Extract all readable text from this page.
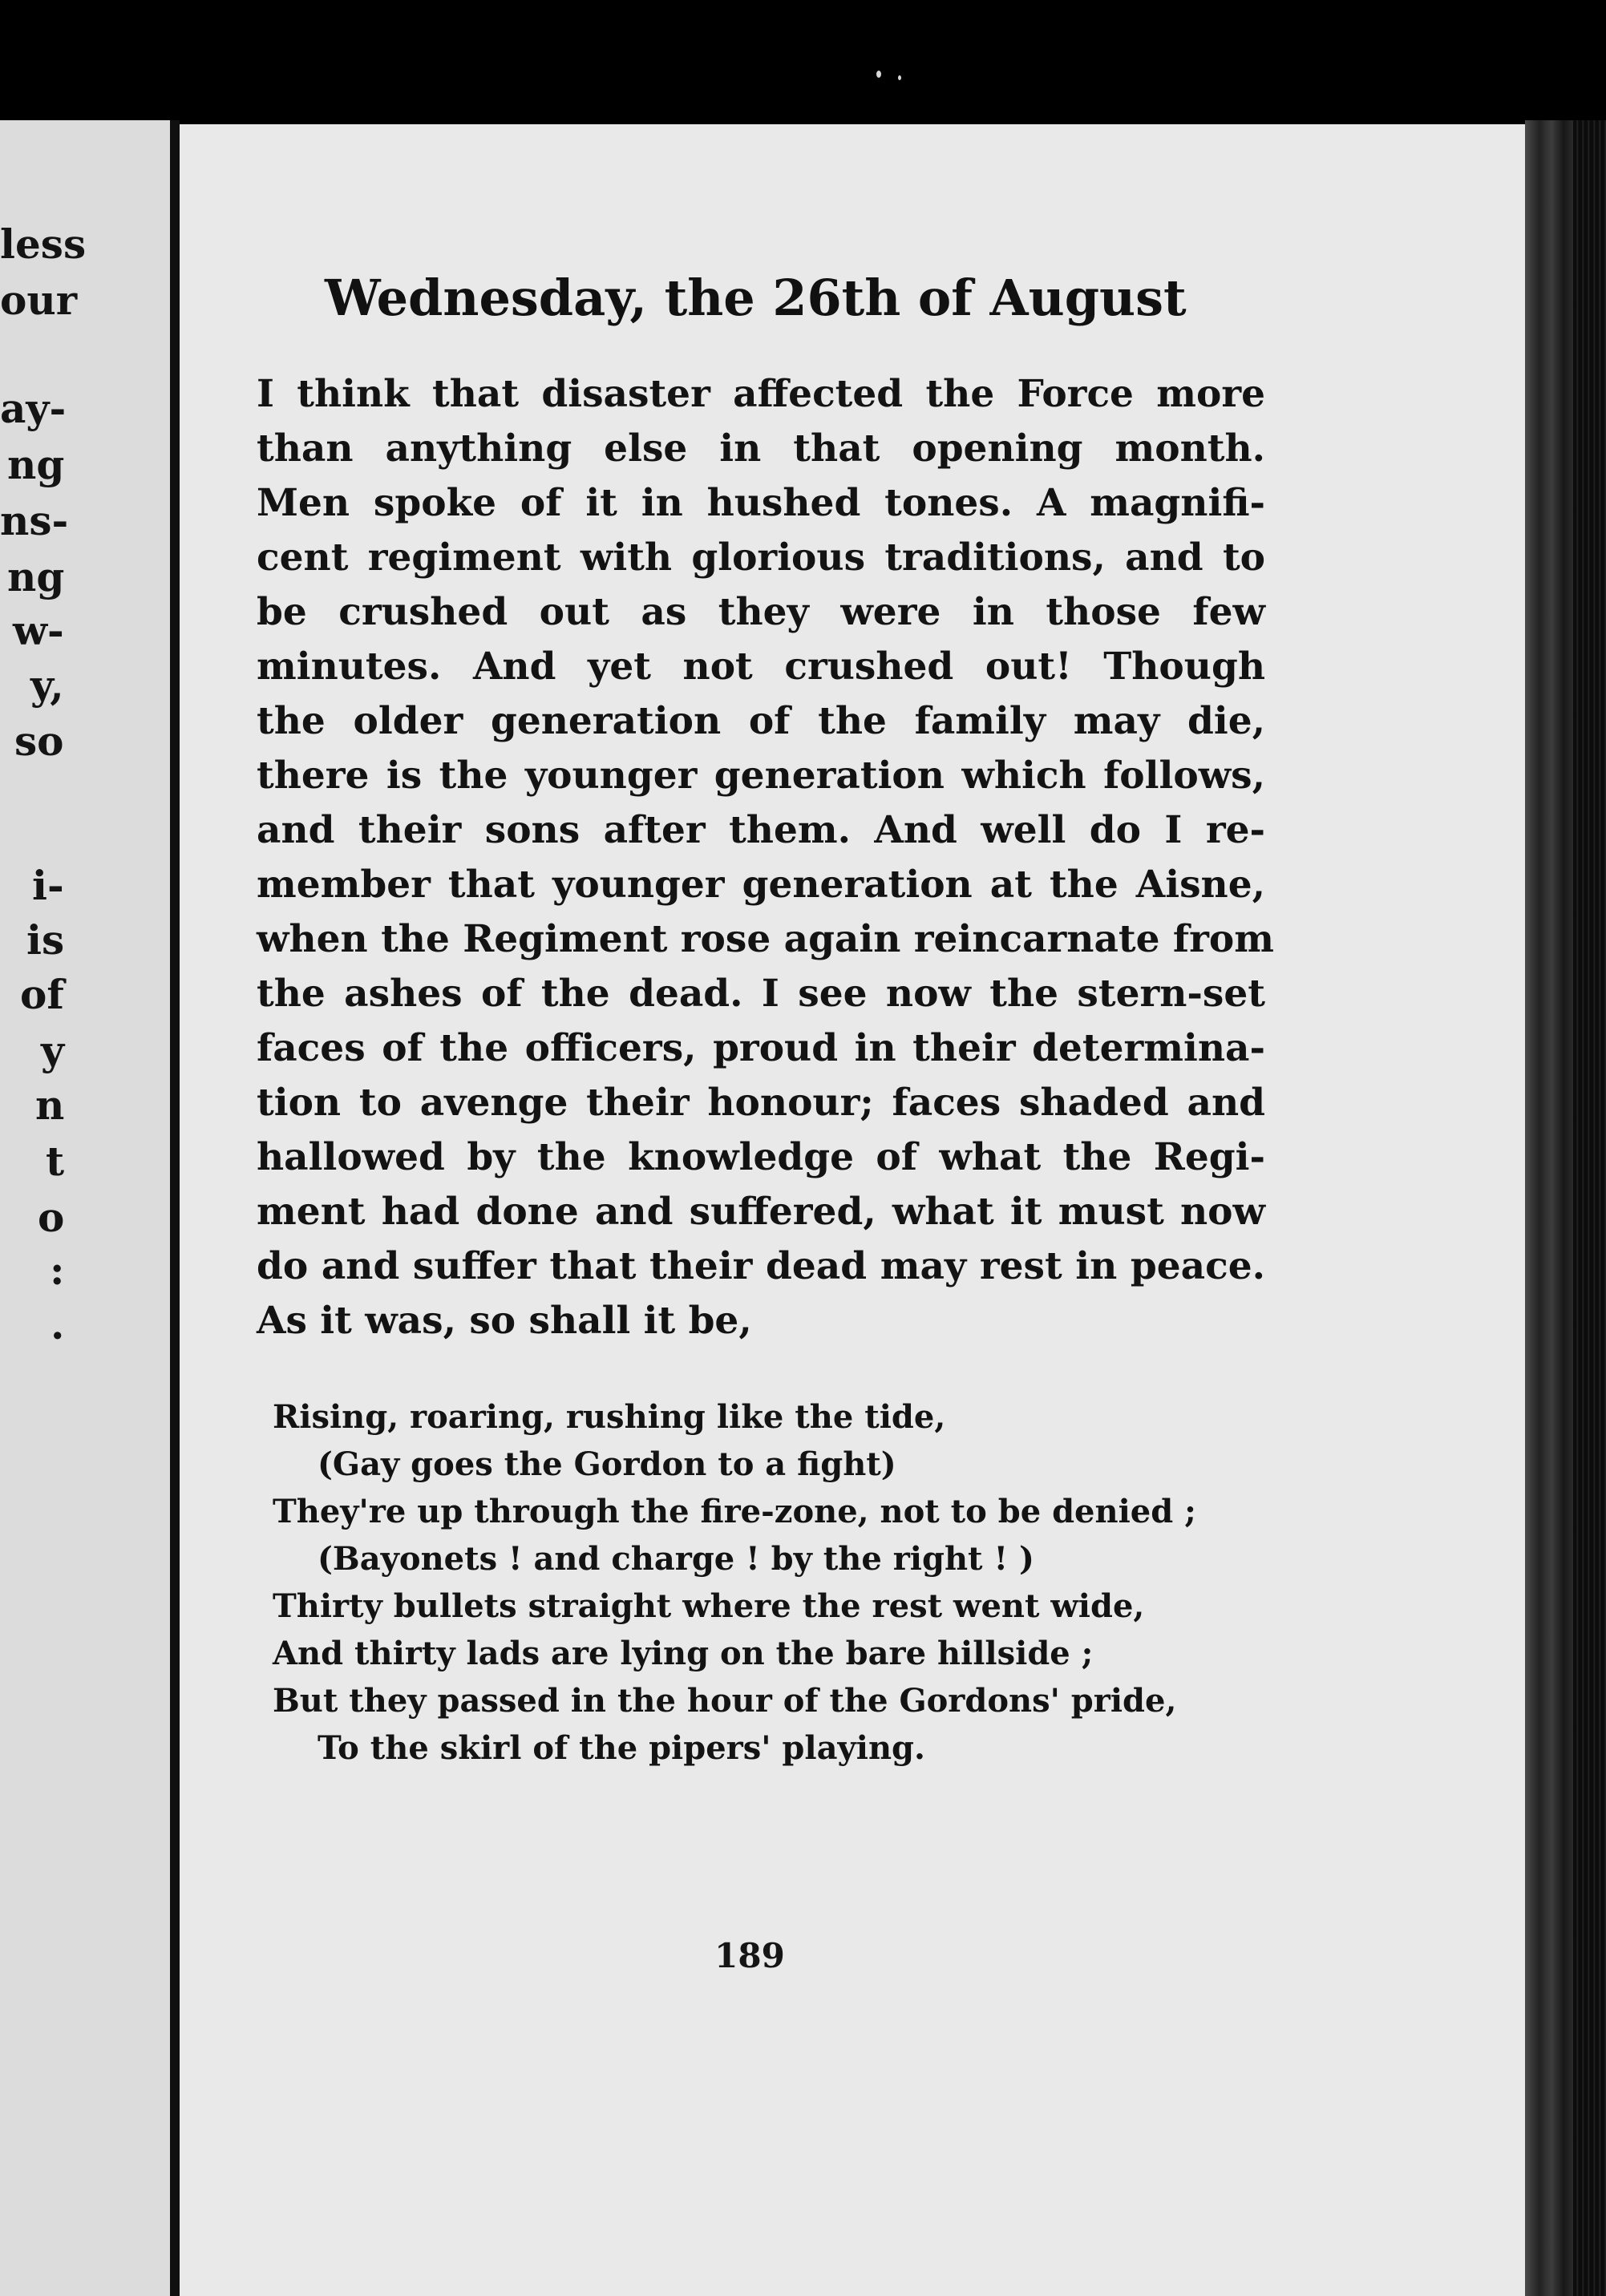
less
our
ay-
ng
ns-
ng
w-
y,
so
i-
is
of
y
n
t
o
:
.
Wednesday, the 26th of August
I think that disaster affected the Force more
than anything else in that opening month.
Men spoke of it in hushed tones. A magnifi-
cent regiment with glorious traditions, and to
be crushed out as they were in those few
minutes. And yet not crushed out! Though
the older generation of the family may die,
there is the younger generation which follows,
and their sons after them. And well do I re-
member that younger generation at the Aisne,
when the Regiment rose again reincarnate from
the ashes of the dead. I see now the stern-set
faces of the officers, proud in their determina-
tion to avenge their honour; faces shaded and
hallowed by the knowledge of what the Regi-
ment had done and suffered, what it must now
do and suffer that their dead may rest in peace.
As it was, so shall it be,
Rising, roaring, rushing like the tide,
(Gay goes the Gordon to a fight)
They're up through the fire-zone, not to be denied ;
(Bayonets ! and charge ! by the right ! )
Thirty bullets straight where the rest went wide,
And thirty lads are lying on the bare hillside ;
But they passed in the hour of the Gordons' pride,
To the skirl of the pipers' playing.
189
